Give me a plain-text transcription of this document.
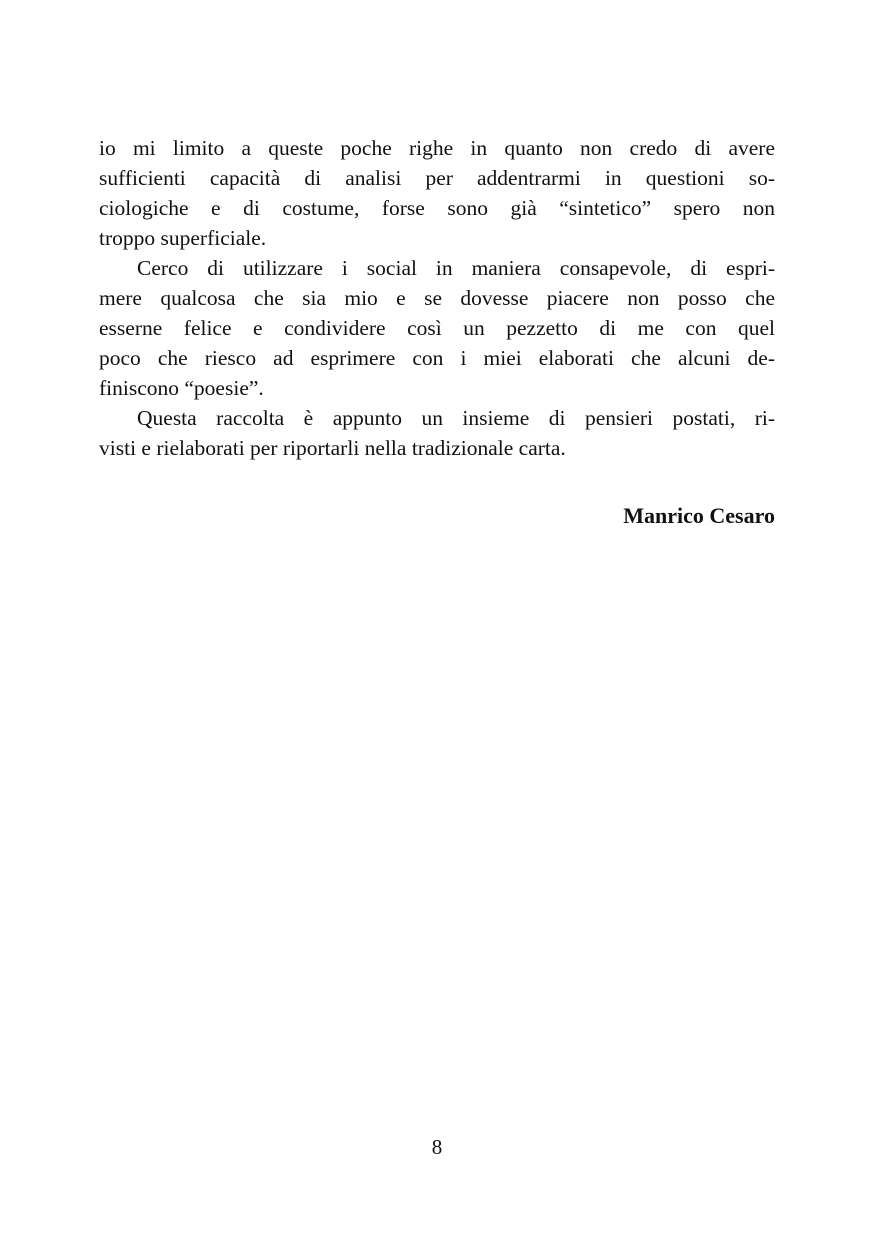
io mi limito a queste poche righe in quanto non credo di avere
sufficienti capacità di analisi per addentrarmi in questioni so-
ciologiche e di costume, forse sono già “sintetico” spero non
troppo superficiale.
Cerco di utilizzare i social in maniera consapevole, di espri-
mere qualcosa che sia mio e se dovesse piacere non posso che
esserne felice e condividere così un pezzetto di me con quel
poco che riesco ad esprimere con i miei elaborati che alcuni de-
finiscono “poesie”.
Questa raccolta è appunto un insieme di pensieri postati, ri-
visti e rielaborati per riportarli nella tradizionale carta.
Manrico Cesaro
8
